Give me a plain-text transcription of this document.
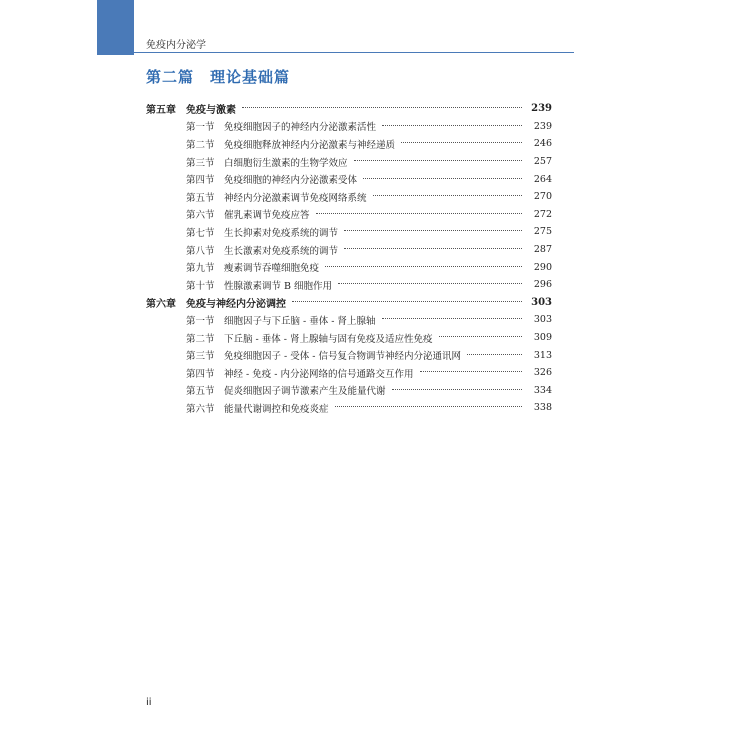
免疫内分泌学
第二篇　理论基础篇
第五章	免疫与激素	239
第一节 免疫细胞因子的神经内分泌激素活性	239
第二节 免疫细胞释放神经内分泌激素与神经递质	246
第三节 白细胞衍生激素的生物学效应	257
第四节 免疫细胞的神经内分泌激素受体	264
第五节 神经内分泌激素调节免疫网络系统	270
第六节 催乳素调节免疫应答	272
第七节 生长抑素对免疫系统的调节	275
第八节 生长激素对免疫系统的调节	287
第九节 瘦素调节吞噬细胞免疫	290
第十节 性腺激素调节 B 细胞作用	296
第六章	免疫与神经内分泌调控	303
第一节 细胞因子与下丘脑 - 垂体 - 肾上腺轴	303
第二节 下丘脑 - 垂体 - 肾上腺轴与固有免疫及适应性免疫	309
第三节 免疫细胞因子 - 受体 - 信号复合物调节神经内分泌通讯网	313
第四节 神经 - 免疫 - 内分泌网络的信号通路交互作用	326
第五节 促炎细胞因子调节激素产生及能量代谢	334
第六节 能量代谢调控和免疫炎症	338
ii
